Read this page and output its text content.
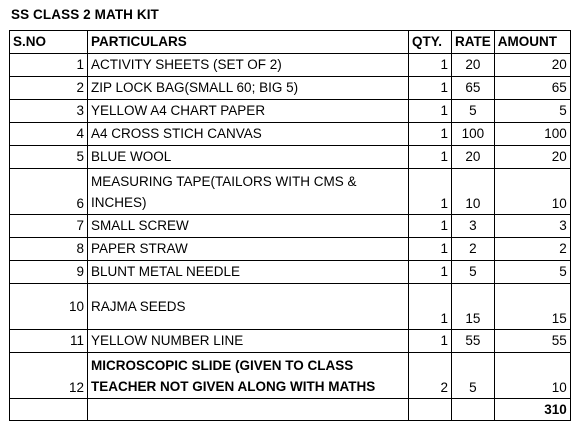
SS CLASS 2 MATH KIT
S.NO	PARTICULARS	QTY.	RATE	AMOUNT
1	ACTIVITY SHEETS (SET OF 2)	1	20	20
2	ZIP LOCK BAG(SMALL 60; BIG 5)	1	65	65
3	YELLOW A4 CHART PAPER	1	5	5
4	A4 CROSS STICH CANVAS	1	100	100
5	BLUE WOOL	1	20	20
6	MEASURING TAPE(TAILORS WITH CMS &
INCHES)	1	10	10
7	SMALL SCREW	1	3	3
8	PAPER STRAW	1	2	2
9	BLUNT METAL NEEDLE	1	5	5
10	RAJMA SEEDS	1	15	15
11	YELLOW NUMBER LINE	1	55	55
12	MICROSCOPIC SLIDE (GIVEN TO CLASS
TEACHER NOT GIVEN ALONG WITH MATHS	2	5	10
				310
